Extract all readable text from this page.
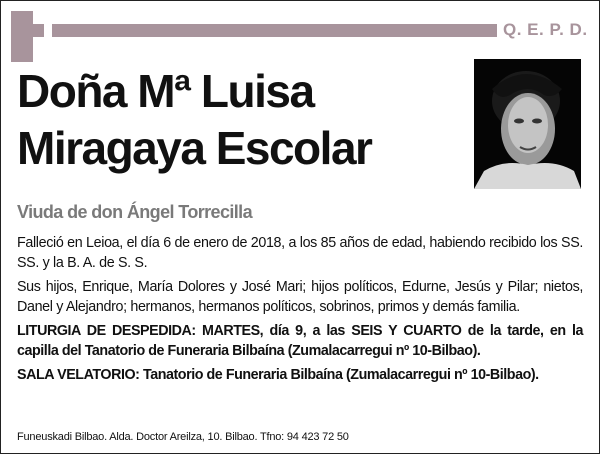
Q. E. P. D.
Doña Mª Luisa
Miragaya Escolar
Viuda de don Ángel Torrecilla

Falleció en Leioa, el día 6 de enero de 2018, a los 85 años de edad, habiendo recibido los SS. SS. y la B. A. de S. S.

Sus hijos, Enrique, María Dolores y José Mari; hijos políticos, Edurne, Jesús y Pilar; nietos, Danel y Alejandro; hermanos, hermanos políticos, sobrinos, primos y demás familia.

LITURGIA DE DESPEDIDA: MARTES, día 9, a las SEIS Y CUARTO de la tarde, en la capilla del Tanatorio de Funeraria Bilbaína (Zumalacarregui nº 10-Bilbao).

SALA VELATORIO: Tanatorio de Funeraria Bilbaína (Zumalacarregui nº 10-Bilbao).

Funeuskadi Bilbao. Alda. Doctor Areilza, 10. Bilbao. Tfno: 94 423 72 50
